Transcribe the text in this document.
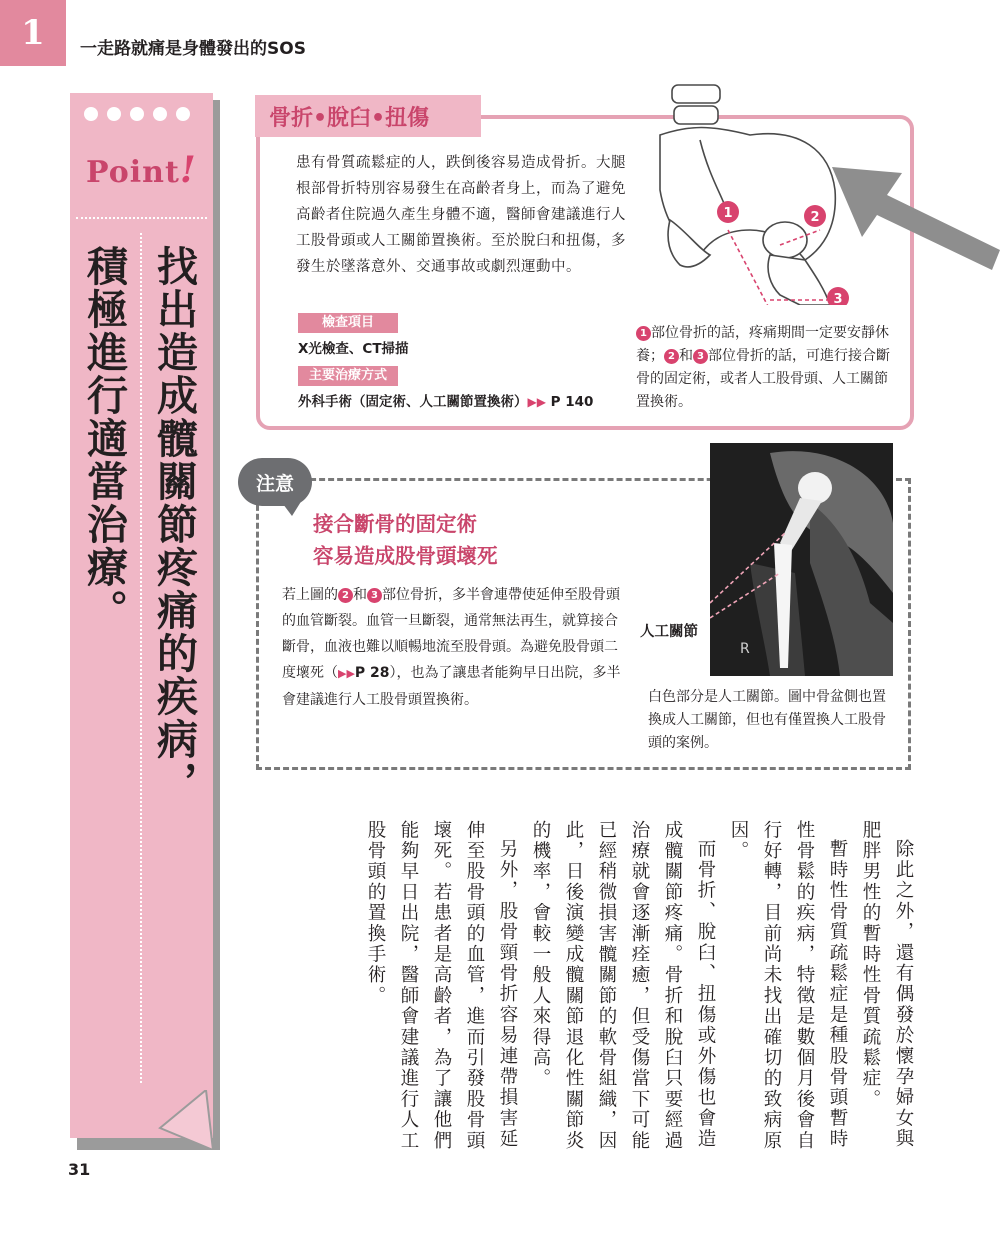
1	一走路就痛是身體發出的SOS
Point!
找出造成髖關節疼痛的疾病，
積極進行適當治療。
骨折•脫臼•扭傷
患有骨質疏鬆症的人，跌倒後容易造成骨折。大腿根部骨折特別容易發生在高齡者身上，而為了避免高齡者住院過久產生身體不適，醫師會建議進行人工股骨頭或人工關節置換術。至於脫臼和扭傷，多發生於墜落意外、交通事故或劇烈運動中。
檢查項目
X光檢查、CT掃描
主要治療方式
外科手術（固定術、人工關節置換術）▶▶ P 140
1	2
3
1 部位骨折的話，疼痛期間一定要安靜休養； 2 和 3 部位骨折的話，可進行接合斷骨的固定術，或者人工股骨頭、人工關節置換術。
注意
接合斷骨的固定術
容易造成股骨頭壞死
若上圖的 2 和 3 部位骨折，多半會連帶使延伸至股骨頭的血管斷裂。血管一旦斷裂，通常無法再生，就算接合斷骨，血液也難以順暢地流至股骨頭。為避免股骨頭二度壞死（▶▶P 28），也為了讓患者能夠早日出院，多半會建議進行人工股骨頭置換術。
R
人工關節
白色部分是人工關節。圖中骨盆側也置換成人工關節，但也有僅置換人工股骨頭的案例。

除此之外，還有偶發於懷孕婦女與肥胖男性的暫時性骨質疏鬆症。

暫時性骨質疏鬆症是種股骨頭暫時性骨鬆的疾病，特徵是數個月後會自行好轉，目前尚未找出確切的致病原因。

而骨折、脫臼、扭傷或外傷也會造成髖關節疼痛。骨折和脫臼只要經過治療就會逐漸痊癒，但受傷當下可能已經稍微損害髖關節的軟骨組織，因此，日後演變成髖關節退化性關節炎的機率，會較一般人來得高。

另外，股骨頸骨折容易連帶損害延伸至股骨頭的血管，進而引發股骨頭壞死。若患者是高齡者，為了讓他們能夠早日出院，醫師會建議進行人工股骨頭的置換手術。

31
